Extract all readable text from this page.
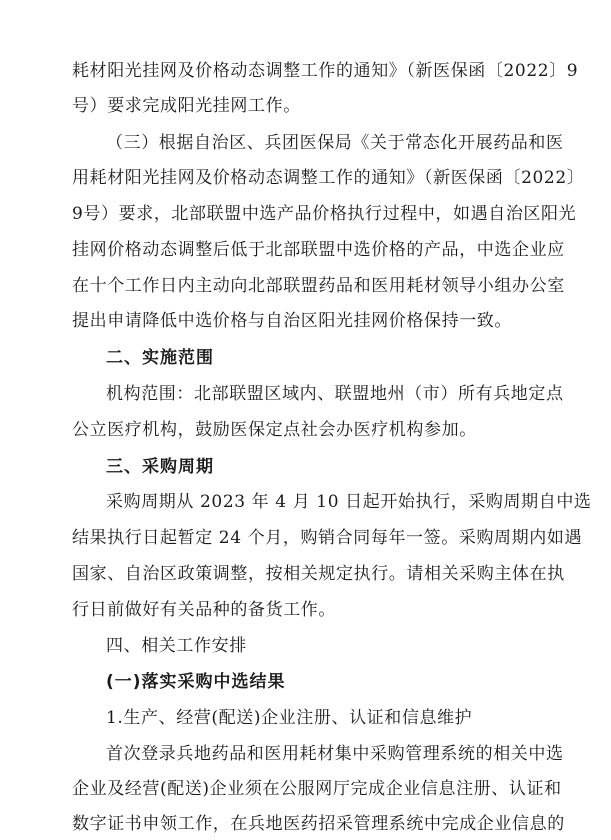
耗材阳光挂网及价格动态调整工作的通知》（新医保函〔2022〕9
号）要求完成阳光挂网工作。
（三）根据自治区、兵团医保局《关于常态化开展药品和医
用耗材阳光挂网及价格动态调整工作的通知》（新医保函〔2022〕
9号）要求，北部联盟中选产品价格执行过程中，如遇自治区阳光
挂网价格动态调整后低于北部联盟中选价格的产品，中选企业应
在十个工作日内主动向北部联盟药品和医用耗材领导小组办公室
提出申请降低中选价格与自治区阳光挂网价格保持一致。
二、实施范围
机构范围：北部联盟区域内、联盟地州（市）所有兵地定点
公立医疗机构，鼓励医保定点社会办医疗机构参加。
三、采购周期
采购周期从 2023 年 4 月 10 日起开始执行，采购周期自中选
结果执行日起暂定 24 个月，购销合同每年一签。采购周期内如遇
国家、自治区政策调整，按相关规定执行。请相关采购主体在执
行日前做好有关品种的备货工作。
四、相关工作安排
(一)落实采购中选结果
1.生产、经营(配送)企业注册、认证和信息维护
首次登录兵地药品和医用耗材集中采购管理系统的相关中选
企业及经营(配送)企业须在公服网厅完成企业信息注册、认证和
数字证书申领工作，在兵地医药招采管理系统中完成企业信息的
